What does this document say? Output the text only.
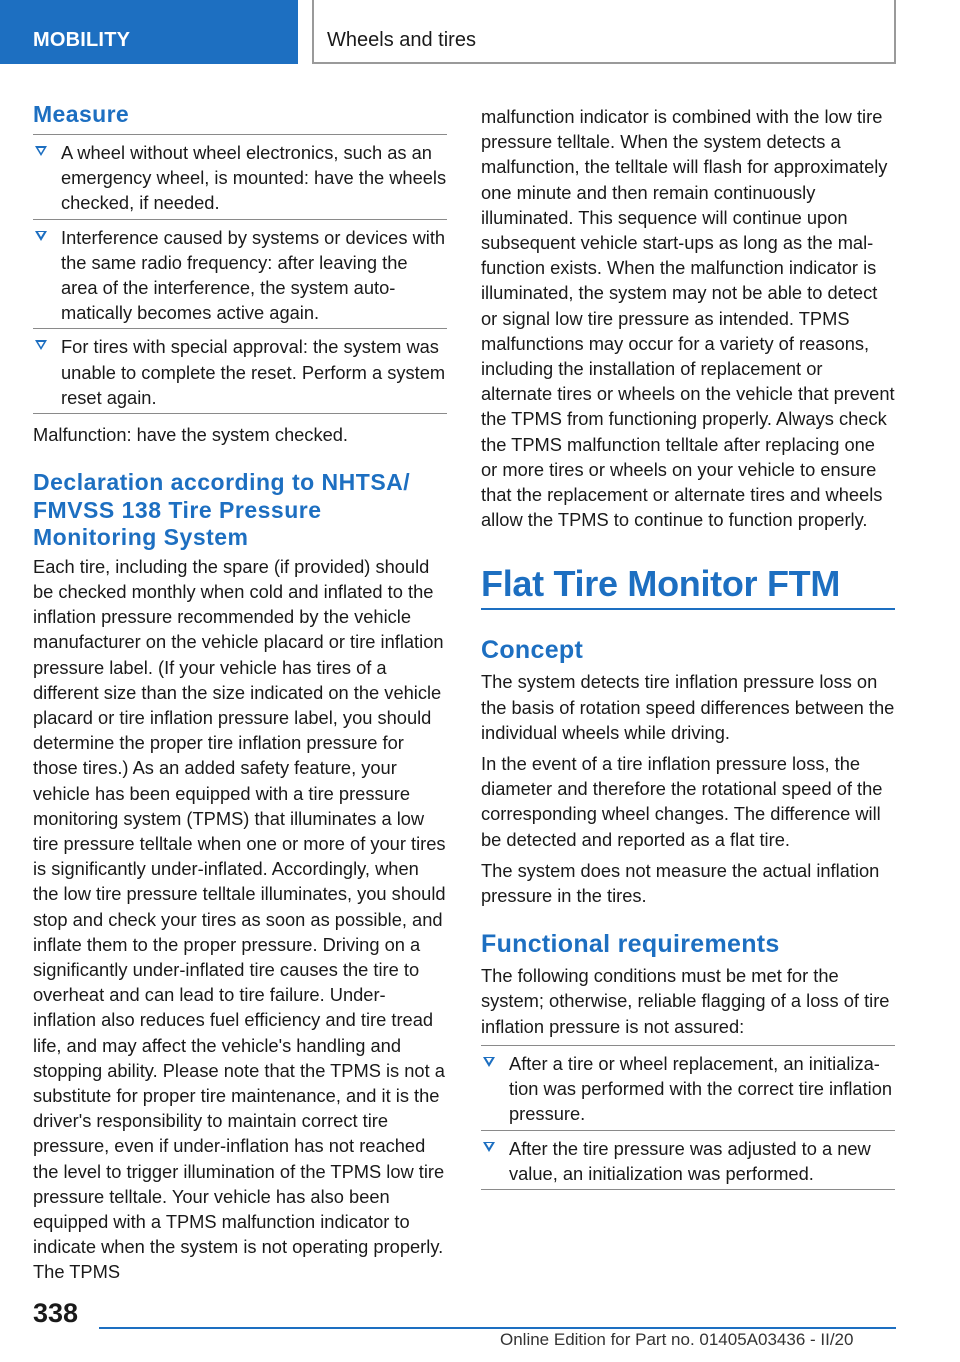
MOBILITY	Wheels and tires
Measure
A wheel without wheel electronics, such as an emergency wheel, is mounted: have the wheels checked, if needed.
Interference caused by systems or devices with the same radio frequency: after leaving the area of the interference, the system automatically becomes active again.
For tires with special approval: the system was unable to complete the reset. Perform a system reset again.

Malfunction: have the system checked.

Declaration according to NHTSA/ FMVSS 138 Tire Pressure Monitoring System

Each tire, including the spare (if provided) should be checked monthly when cold and inflated to the inflation pressure recommended by the vehicle manufacturer on the vehicle placard or tire inflation pressure label. (If your vehicle has tires of a different size than the size indicated on the vehicle placard or tire inflation pressure label, you should determine the proper tire inflation pressure for those tires.) As an added safety feature, your vehicle has been equipped with a tire pressure monitoring system (TPMS) that illuminates a low tire pressure telltale when one or more of your tires is significantly under-inflated. Accordingly, when the low tire pressure telltale illuminates, you should stop and check your tires as soon as possible, and inflate them to the proper pressure. Driving on a significantly under-inflated tire causes the tire to overheat and can lead to tire failure. Under-inflation also reduces fuel efficiency and tire tread life, and may affect the vehicle's handling and stopping ability. Please note that the TPMS is not a substitute for proper tire maintenance, and it is the driver's responsibility to maintain correct tire pressure, even if under-inflation has not reached the level to trigger illumination of the TPMS low tire pressure telltale. Your vehicle has also been equipped with a TPMS malfunction indicator to indicate when the system is not operating properly. The TPMS

malfunction indicator is combined with the low tire pressure telltale. When the system detects a malfunction, the telltale will flash for approximately one minute and then remain continuously illuminated. This sequence will continue upon subsequent vehicle start-ups as long as the malfunction exists. When the malfunction indicator is illuminated, the system may not be able to detect or signal low tire pressure as intended. TPMS malfunctions may occur for a variety of reasons, including the installation of replacement or alternate tires or wheels on the vehicle that prevent the TPMS from functioning properly. Always check the TPMS malfunction telltale after replacing one or more tires or wheels on your vehicle to ensure that the replacement or alternate tires and wheels allow the TPMS to continue to function properly.

Flat Tire Monitor FTM
Concept

The system detects tire inflation pressure loss on the basis of rotation speed differences between the individual wheels while driving.

In the event of a tire inflation pressure loss, the diameter and therefore the rotational speed of the corresponding wheel changes. The difference will be detected and reported as a flat tire.

The system does not measure the actual inflation pressure in the tires.

Functional requirements

The following conditions must be met for the system; otherwise, reliable flagging of a loss of tire inflation pressure is not assured:

After a tire or wheel replacement, an initialization was performed with the correct tire inflation pressure.
After the tire pressure was adjusted to a new value, an initialization was performed.
338
Online Edition for Part no. 01405A03436 - II/20
